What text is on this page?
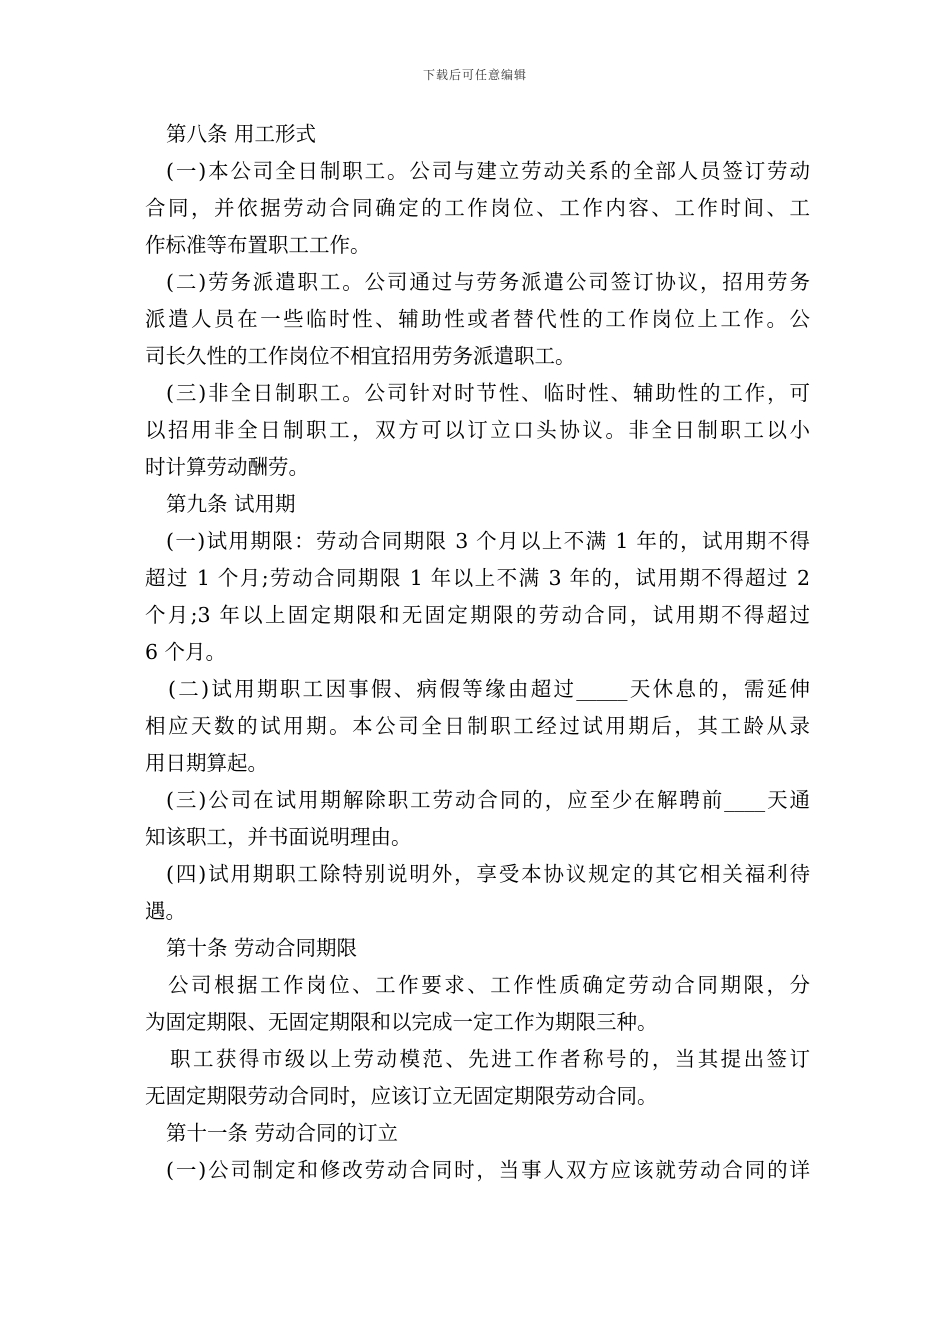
下载后可任意编辑
第八条 用工形式
(一)本公司全日制职工。公司与建立劳动关系的全部人员签订劳动
合同，并依据劳动合同确定的工作岗位、工作内容、工作时间、工
作标准等布置职工工作。
(二)劳务派遣职工。公司通过与劳务派遣公司签订协议，招用劳务
派遣人员在一些临时性、辅助性或者替代性的工作岗位上工作。公
司长久性的工作岗位不相宜招用劳务派遣职工。
(三)非全日制职工。公司针对时节性、临时性、辅助性的工作，可
以招用非全日制职工，双方可以订立口头协议。非全日制职工以小
时计算劳动酬劳。
第九条 试用期
(一)试用期限：劳动合同期限 3 个月以上不满 1 年的，试用期不得
超过 1 个月;劳动合同期限 1 年以上不满 3 年的，试用期不得超过 2
个月;3 年以上固定期限和无固定期限的劳动合同，试用期不得超过
6 个月。
(二)试用期职工因事假、病假等缘由超过_____天休息的，需延伸
相应天数的试用期。本公司全日制职工经过试用期后，其工龄从录
用日期算起。
(三)公司在试用期解除职工劳动合同的，应至少在解聘前____天通
知该职工，并书面说明理由。
(四)试用期职工除特别说明外，享受本协议规定的其它相关福利待
遇。
第十条 劳动合同期限
公司根据工作岗位、工作要求、工作性质确定劳动合同期限，分
为固定期限、无固定期限和以完成一定工作为期限三种。
职工获得市级以上劳动模范、先进工作者称号的，当其提出签订
无固定期限劳动合同时，应该订立无固定期限劳动合同。
第十一条 劳动合同的订立
(一)公司制定和修改劳动合同时，当事人双方应该就劳动合同的详
